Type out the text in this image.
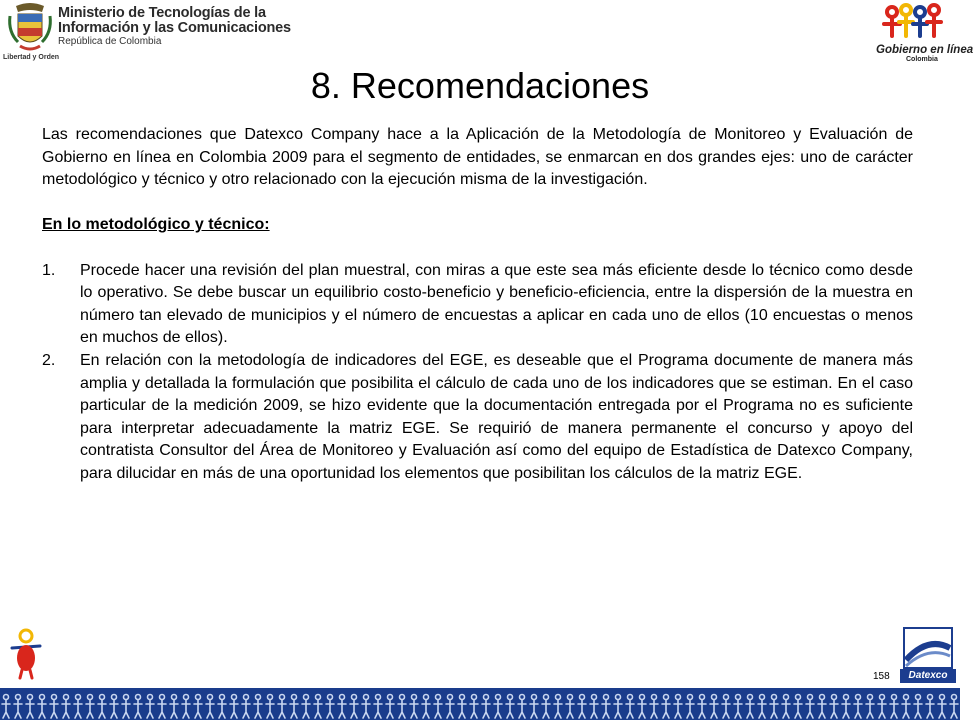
Libertad y Orden
Ministerio de Tecnologías de la
Información y las Comunicaciones
República de Colombia
Gobierno en línea
Colombia
8. Recomendaciones

Las recomendaciones que Datexco Company hace a la Aplicación de la Metodología de Monitoreo y Evaluación de Gobierno en línea en Colombia 2009 para el segmento de entidades, se enmarcan en dos grandes ejes: uno de carácter metodológico y técnico y otro relacionado con la ejecución misma de la investigación.

En lo metodológico y técnico:

1.	Procede hacer una revisión del plan muestral, con miras a que este sea más eficiente desde lo técnico como desde lo operativo. Se debe buscar un equilibrio costo-beneficio y beneficio-eficiencia, entre la dispersión de la muestra en número tan elevado de municipios y el número de encuestas a aplicar en cada uno de ellos (10 encuestas o menos en muchos de ellos).
2.	En relación con la metodología de indicadores del EGE, es deseable que el Programa documente de manera más amplia y detallada la formulación que posibilita el cálculo de cada uno de los indicadores que se estiman. En el caso particular de la medición 2009, se hizo evidente que la documentación entregada por el Programa no es suficiente para interpretar adecuadamente la matriz EGE. Se requirió de manera permanente el concurso y apoyo del contratista Consultor del Área de Monitoreo y Evaluación así como del equipo de Estadística de Datexco Company, para dilucidar en más de una oportunidad los elementos que posibilitan los cálculos de la matriz EGE.
158	Datexco
